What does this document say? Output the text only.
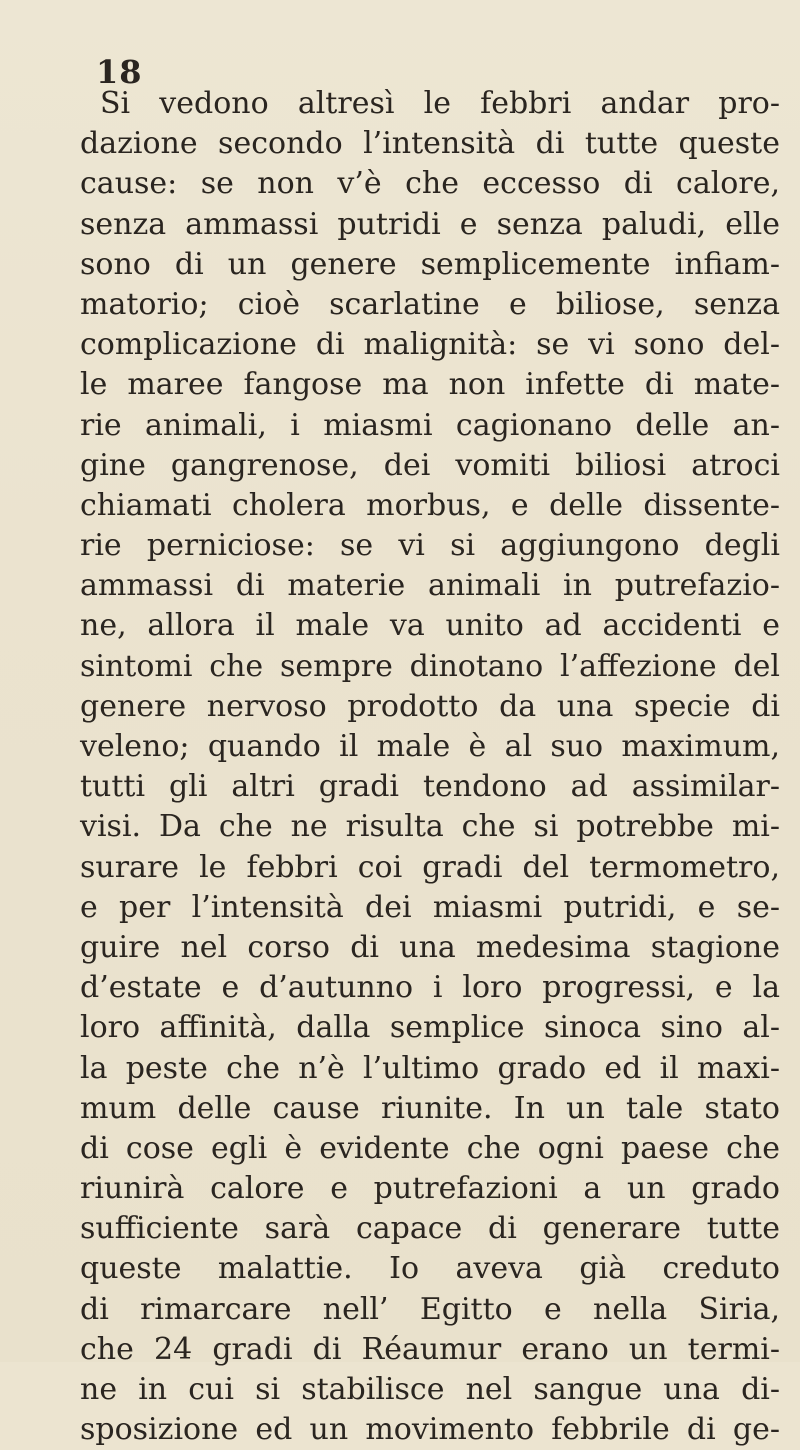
18
Si vedono altresì le febbri andar pro-
dazione secondo l’intensità di tutte queste
cause: se non v’è che eccesso di calore,
senza ammassi putridi e senza paludi, elle
sono di un genere semplicemente infiam-
matorio; cioè scarlatine e biliose, senza
complicazione di malignità: se vi sono del-
le maree fangose ma non infette di mate-
rie animali, i miasmi cagionano delle an-
gine gangrenose, dei vomiti biliosi atroci
chiamati cholera morbus, e delle dissente-
rie perniciose: se vi si aggiungono degli
ammassi di materie animali in putrefazio-
ne, allora il male va unito ad accidenti e
sintomi che sempre dinotano l’affezione del
genere nervoso prodotto da una specie di
veleno; quando il male è al suo maximum,
tutti gli altri gradi tendono ad assimilar-
visi. Da che ne risulta che si potrebbe mi-
surare le febbri coi gradi del termometro,
e per l’intensità dei miasmi putridi, e se-
guire nel corso di una medesima stagione
d’estate e d’autunno i loro progressi, e la
loro affinità, dalla semplice sinoca sino al-
la peste che n’è l’ultimo grado ed il maxi-
mum delle cause riunite. In un tale stato
di cose egli è evidente che ogni paese che
riunirà calore e putrefazioni a un grado
sufficiente sarà capace di generare tutte
queste malattie. Io aveva già creduto
di rimarcare nell’ Egitto e nella Siria,
che 24 gradi di Réaumur erano un termi-
ne in cui si stabilisce nel sangue una di-
sposizione ed un movimento febbrile di ge-
